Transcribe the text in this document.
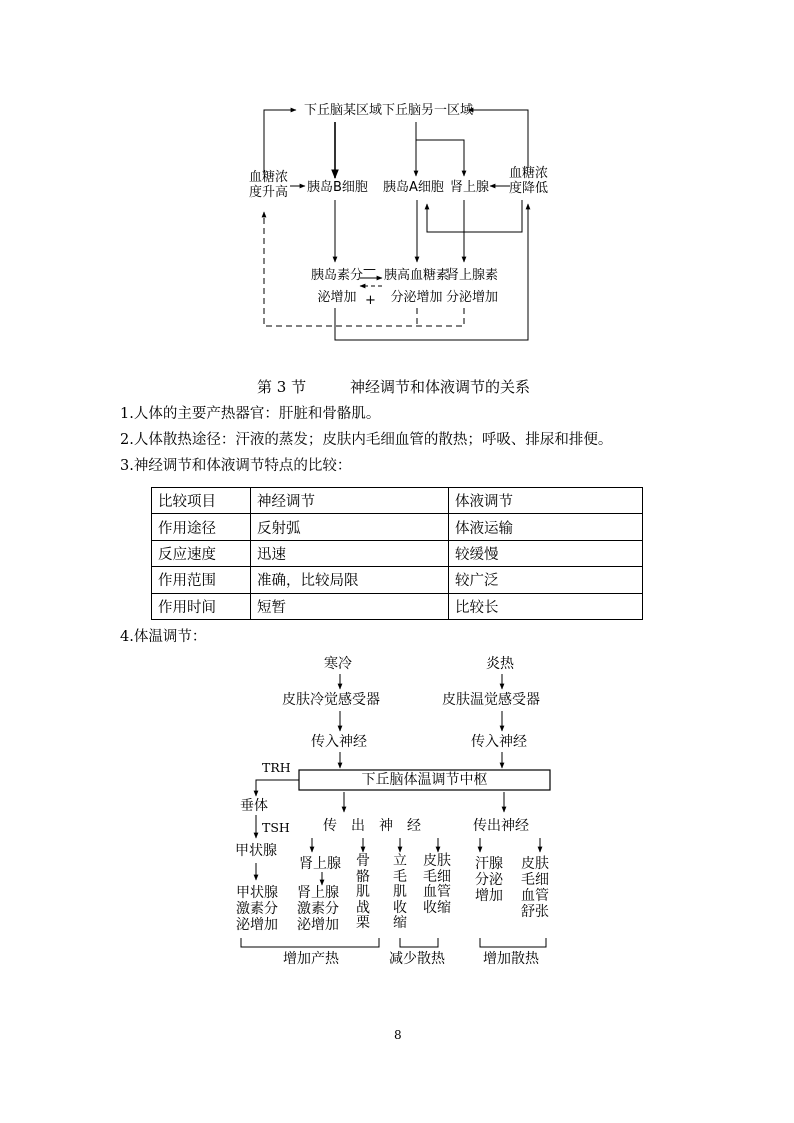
下丘脑某区域 下丘脑另一区域
血糖浓
度升高
血糖浓
度降低
胰岛B细胞 胰岛A细胞 肾上腺
胰岛素分
泌增加
胰高血糖素
分泌增加
肾上腺素
分泌增加
—
+
第 3 节	神经调节和体液调节的关系
1.人体的主要产热器官：肝脏和骨骼肌。
2.人体散热途径：汗液的蒸发；皮肤内毛细血管的散热；呼吸、排尿和排便。
3.神经调节和体液调节特点的比较：
比较项目	神经调节	体液调节
作用途径	反射弧	体液运输
反应速度	迅速	较缓慢
作用范围	准确，比较局限	较广泛
作用时间	短暂	比较长
4.体温调节：
寒冷	炎热
皮肤冷觉感受器	皮肤温觉感受器
传入神经	传入神经
下丘脑体温调节中枢
TRH
垂体
TSH
甲状腺
传　出　神　经	传出神经
肾上腺 骨
骼
肌
战
栗
立
毛
肌
收
缩
皮肤
毛细
血管
收缩
汗腺
分泌
增加
皮肤
毛细
血管
舒张
甲状腺
激素分
泌增加
肾上腺
激素分
泌增加
增加产热	减少散热	增加散热
8
